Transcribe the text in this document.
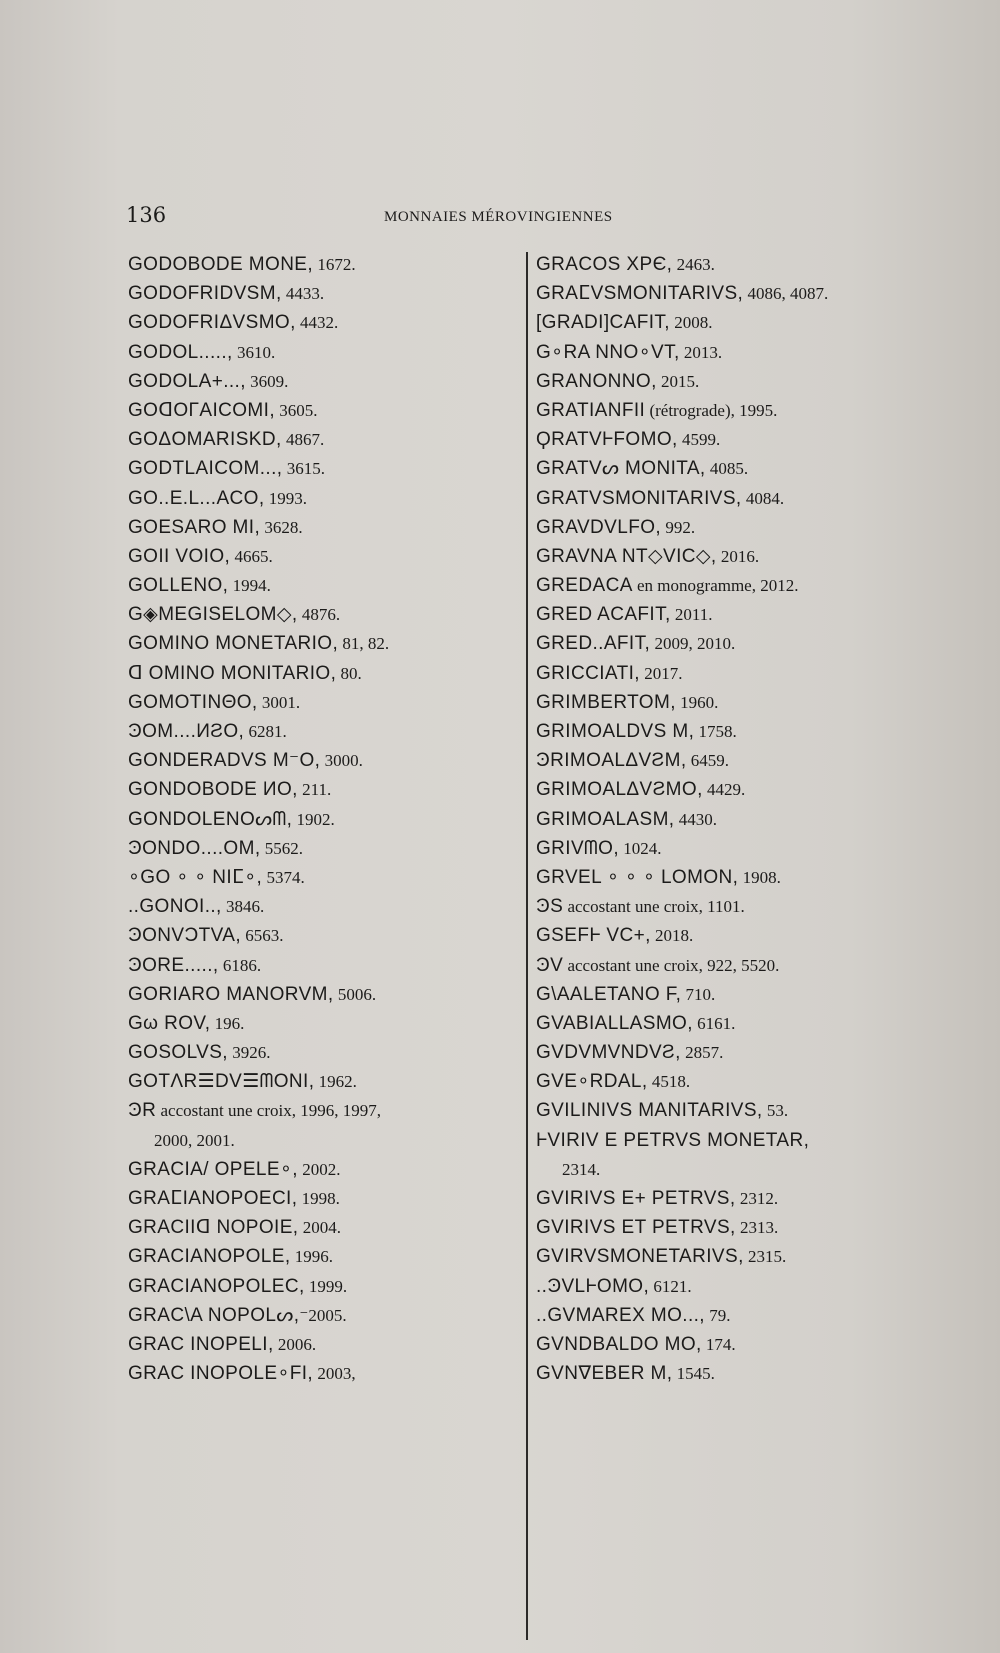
136	MONNAIES MÉROVINGIENNES
GODOBODE MONE, 1672.
GODOFRIDVSM, 4433.
GODOFRIΔVSMO, 4432.
GODOL....., 3610.
GODOLA+..., 3609.
GOᗡOΓAICOMI, 3605.
GOΔOMARISKD, 4867.
GODTLAICOM..., 3615.
GO..E.L...ACO, 1993.
GOESARO MI, 3628.
GOII VOIO, 4665.
GOLLENO, 1994.
G◈MEGISELOM◇, 4876.
GOMINO MONETARIO, 81, 82.
ᗡ OMINO MONITARIO, 80.
GOMOTINΘO, 3001.
ϿOM....ИƧO, 6281.
GONDERADVS M⁻O, 3000.
GONDOBODE ИO, 211.
GONDOLENOᔕᗰ, 1902.
ϿONDO....OM, 5562.
∘GO ∘ ∘ NIⵎ∘, 5374.
..GONOI.., 3846.
ϿONVƆTVA, 6563.
ϿORE....., 6186.
GORIARO MANORVM, 5006.
Gω ROV, 196.
GOSOLVS, 3926.
GOTΛR☰DV☰ᗰONI, 1962.
ϿR accostant une croix, 1996, 1997,
2000, 2001.
GRACIA/ OPELE∘, 2002.
GRAⵎIANOPOECI, 1998.
GRACIIᗡ NOPOIE, 2004.
GRACIANOPOLE, 1996.
GRACIANOPOLEC, 1999.
GRAC\A NOPOLᔕ,⁻2005.
GRAC INOPELI, 2006.
GRAC INOPOLE∘FI, 2003,
GRACOS XPЄ, 2463.
GRAⵎVSMONITARIVS, 4086, 4087.
[GRADI]CAFIT, 2008.
G∘RA NNO∘VT, 2013.
GRANONNO, 2015.
GRATIANFII (rétrograde), 1995.
ϘRATVⱵFOMO, 4599.
GRATVᔕ MONITA, 4085.
GRATVSMONITARIVS, 4084.
GRAVDVLFO, 992.
GRAVNA NT◇VIC◇, 2016.
GREDACA en monogramme, 2012.
GRED ACAFIT, 2011.
GRED..AFIT, 2009, 2010.
GRICCIATI, 2017.
GRIMBERTOM, 1960.
GRIMOALDVS M, 1758.
ϿRIMOALΔVƧM, 6459.
GRIMOALΔVƧMO, 4429.
GRIMOALASM, 4430.
GRIVᗰO, 1024.
GRVEL ∘ ∘ ∘ LOMON, 1908.
ϿS accostant une croix, 1101.
GSEFⱵ VC+, 2018.
ϿV accostant une croix, 922, 5520.
G\AALETANO F, 710.
GVABIALLASMO, 6161.
GVDVMVNDVƧ, 2857.
GVE∘RDAL, 4518.
GVILINIVS MANITARIVS, 53.
ⱵVIRIV E PETRVS MONETAR,
2314.
GVIRIVS E+ PETRVS, 2312.
GVIRIVS ET PETRVS, 2313.
GVIRVSMONETARIVS, 2315.
..ϿVLⱵOMO, 6121.
..GVMAREX MO..., 79.
GVNDBALDO MO, 174.
GVN∇EBER M, 1545.
